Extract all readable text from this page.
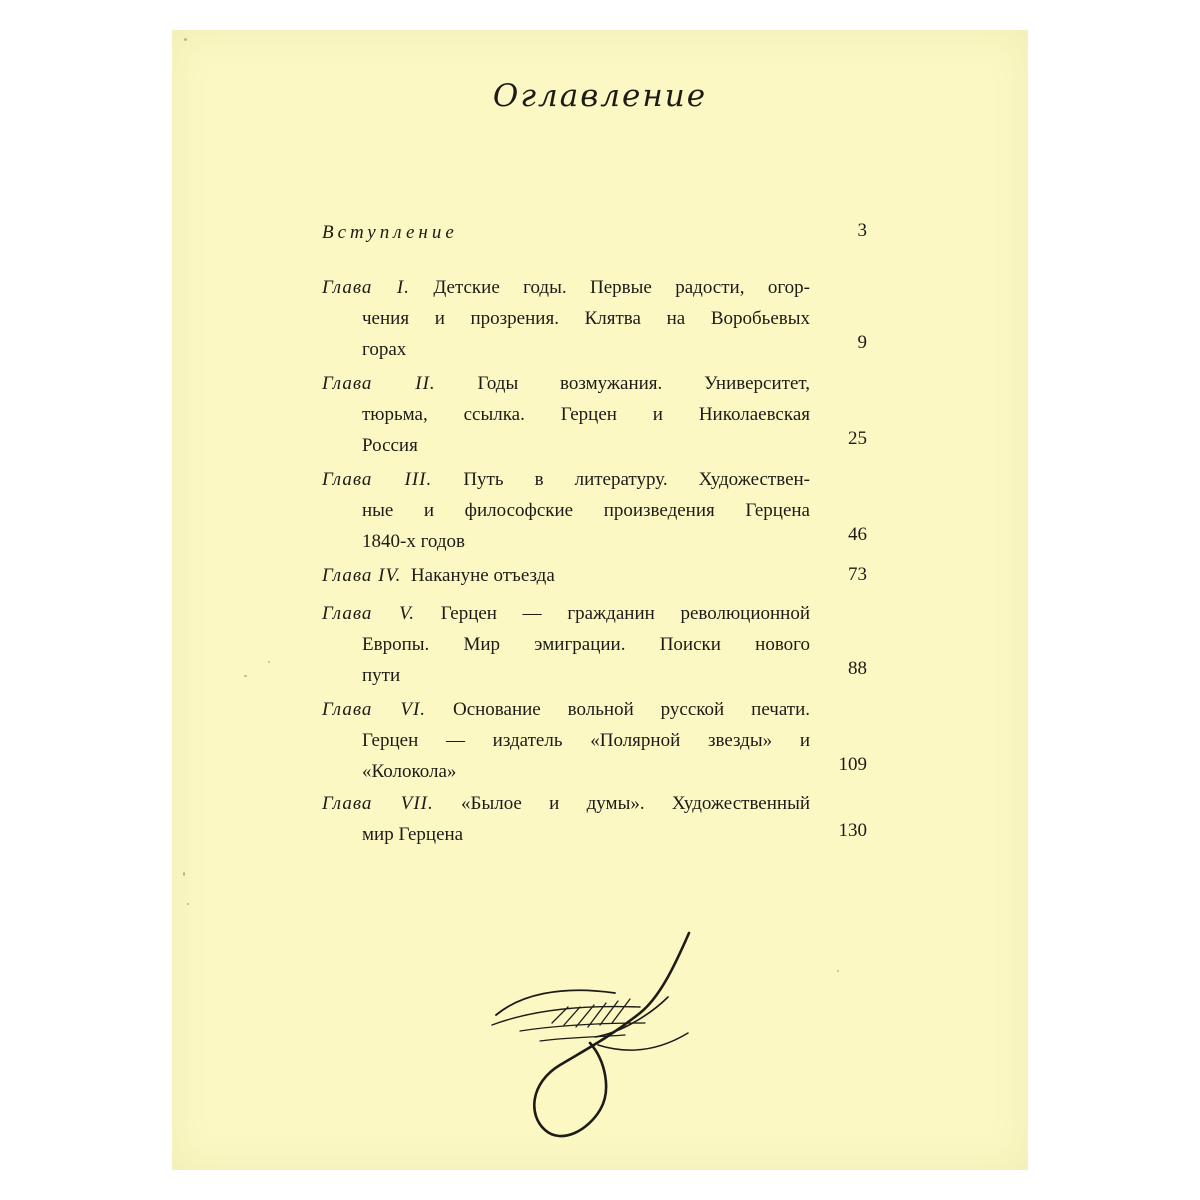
Оглавление
Вступление	3
Глава I. Детские годы. Первые радости, огор-
чения и прозрения. Клятва на Воробьевых
горах	9
Глава II. Годы возмужания. Университет,
тюрьма, ссылка. Герцен и Николаевская
Россия	25
Глава III. Путь в литературу. Художествен-
ные и философские произведения Герцена
1840-х годов	46
Глава IV. Накануне отъезда	73
Глава V. Герцен — гражданин революционной
Европы. Мир эмиграции. Поиски нового
пути	88
Глава VI. Основание вольной русской печати.
Герцен — издатель «Полярной звезды» и
«Колокола»	109
Глава VII. «Былое и думы». Художественный
мир Герцена	130
